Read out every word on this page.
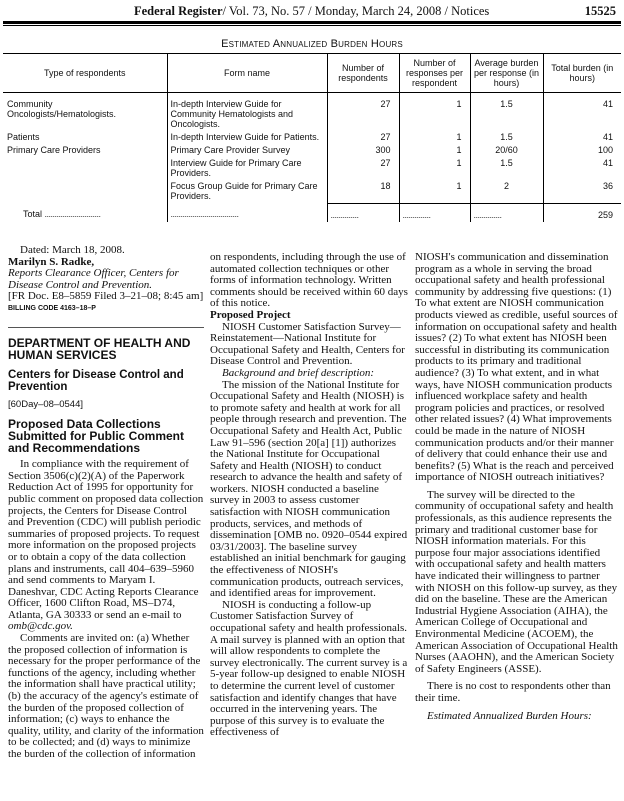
Federal Register/ Vol. 73, No. 57 / Monday, March 24, 2008 / Notices	15525
Estimated Annualized Burden Hours
Type of respondents	Form name	Number of respondents	Number of responses per respondent	Average burden per response (in hours)	Total burden (in hours)
Community Oncologists/Hematologists.	In-depth Interview Guide for Community Hematologists and Oncologists.	27	1	1.5	41
Patients	In-depth Interview Guide for Patients.	27	1	1.5	41
Primary Care Providers	Primary Care Provider Survey	300	1	20/60	100
	Interview Guide for Primary Care Providers.	27	1	1.5	41
	Focus Group Guide for Primary Care Providers.	18	1	2	36
Total ............................	..................................	..............	..............	..............	259

Dated: March 18, 2008.

Marilyn S. Radke,

Reports Clearance Officer, Centers for Disease Control and Prevention.

[FR Doc. E8–5859 Filed 3–21–08; 8:45 am]

BILLING CODE 4163–18–P

DEPARTMENT OF HEALTH AND HUMAN SERVICES
Centers for Disease Control and Prevention
[60Day–08–0544]
Proposed Data Collections Submitted for Public Comment and Recommendations

In compliance with the requirement of Section 3506(c)(2)(A) of the Paperwork Reduction Act of 1995 for opportunity for public comment on proposed data collection projects, the Centers for Disease Control and Prevention (CDC) will publish periodic summaries of proposed projects. To request more information on the proposed projects or to obtain a copy of the data collection plans and instruments, call 404–639–5960 and send comments to Maryam I. Daneshvar, CDC Acting Reports Clearance Officer, 1600 Clifton Road, MS–D74, Atlanta, GA 30333 or send an e-mail to omb@cdc.gov.

Comments are invited on: (a) Whether the proposed collection of information is necessary for the proper performance of the functions of the agency, including whether the information shall have practical utility; (b) the accuracy of the agency's estimate of the burden of the proposed collection of information; (c) ways to enhance the quality, utility, and clarity of the information to be collected; and (d) ways to minimize the burden of the collection of information

on respondents, including through the use of automated collection techniques or other forms of information technology. Written comments should be received within 60 days of this notice.

Proposed Project

NIOSH Customer Satisfaction Survey—Reinstatement—National Institute for Occupational Safety and Health, Centers for Disease Control and Prevention.

Background and brief description:

The mission of the National Institute for Occupational Safety and Health (NIOSH) is to promote safety and health at work for all people through research and prevention. The Occupational Safety and Health Act, Public Law 91–596 (section 20[a] [1]) authorizes the National Institute for Occupational Safety and Health (NIOSH) to conduct research to advance the health and safety of workers. NIOSH conducted a baseline survey in 2003 to assess customer satisfaction with NIOSH communication products, services, and methods of dissemination [OMB no. 0920–0544 expired 03/31/2003]. The baseline survey established an initial benchmark for gauging the effectiveness of NIOSH's communication products, outreach services, and identified areas for improvement.

NIOSH is conducting a follow-up Customer Satisfaction Survey of occupational safety and health professionals. A mail survey is planned with an option that will allow respondents to complete the survey electronically. The current survey is a 5-year follow-up designed to enable NIOSH to determine the current level of customer satisfaction and identify changes that have occurred in the intervening years. The purpose of this survey is to evaluate the effectiveness of

NIOSH's communication and dissemination program as a whole in serving the broad occupational safety and health professional community by addressing five questions: (1) To what extent are NIOSH communication products viewed as credible, useful sources of information on occupational safety and health issues? (2) To what extent has NIOSH been successful in distributing its communication products to its primary and traditional audience? (3) To what extent, and in what ways, have NIOSH communication products influenced workplace safety and health program policies and practices, or resolved other related issues? (4) What improvements could be made in the nature of NIOSH communication products and/or their manner of delivery that could enhance their use and benefits? (5) What is the reach and perceived importance of NIOSH outreach initiatives?

The survey will be directed to the community of occupational safety and health professionals, as this audience represents the primary and traditional customer base for NIOSH information materials. For this purpose four major associations identified with occupational safety and health matters have indicated their willingness to partner with NIOSH on this follow-up survey, as they did on the baseline. These are the American Industrial Hygiene Association (AIHA), the American College of Occupational and Environmental Medicine (ACOEM), the American Association of Occupational Health Nurses (AAOHN), and the American Society of Safety Engineers (ASSE).

There is no cost to respondents other than their time.

Estimated Annualized Burden Hours:
